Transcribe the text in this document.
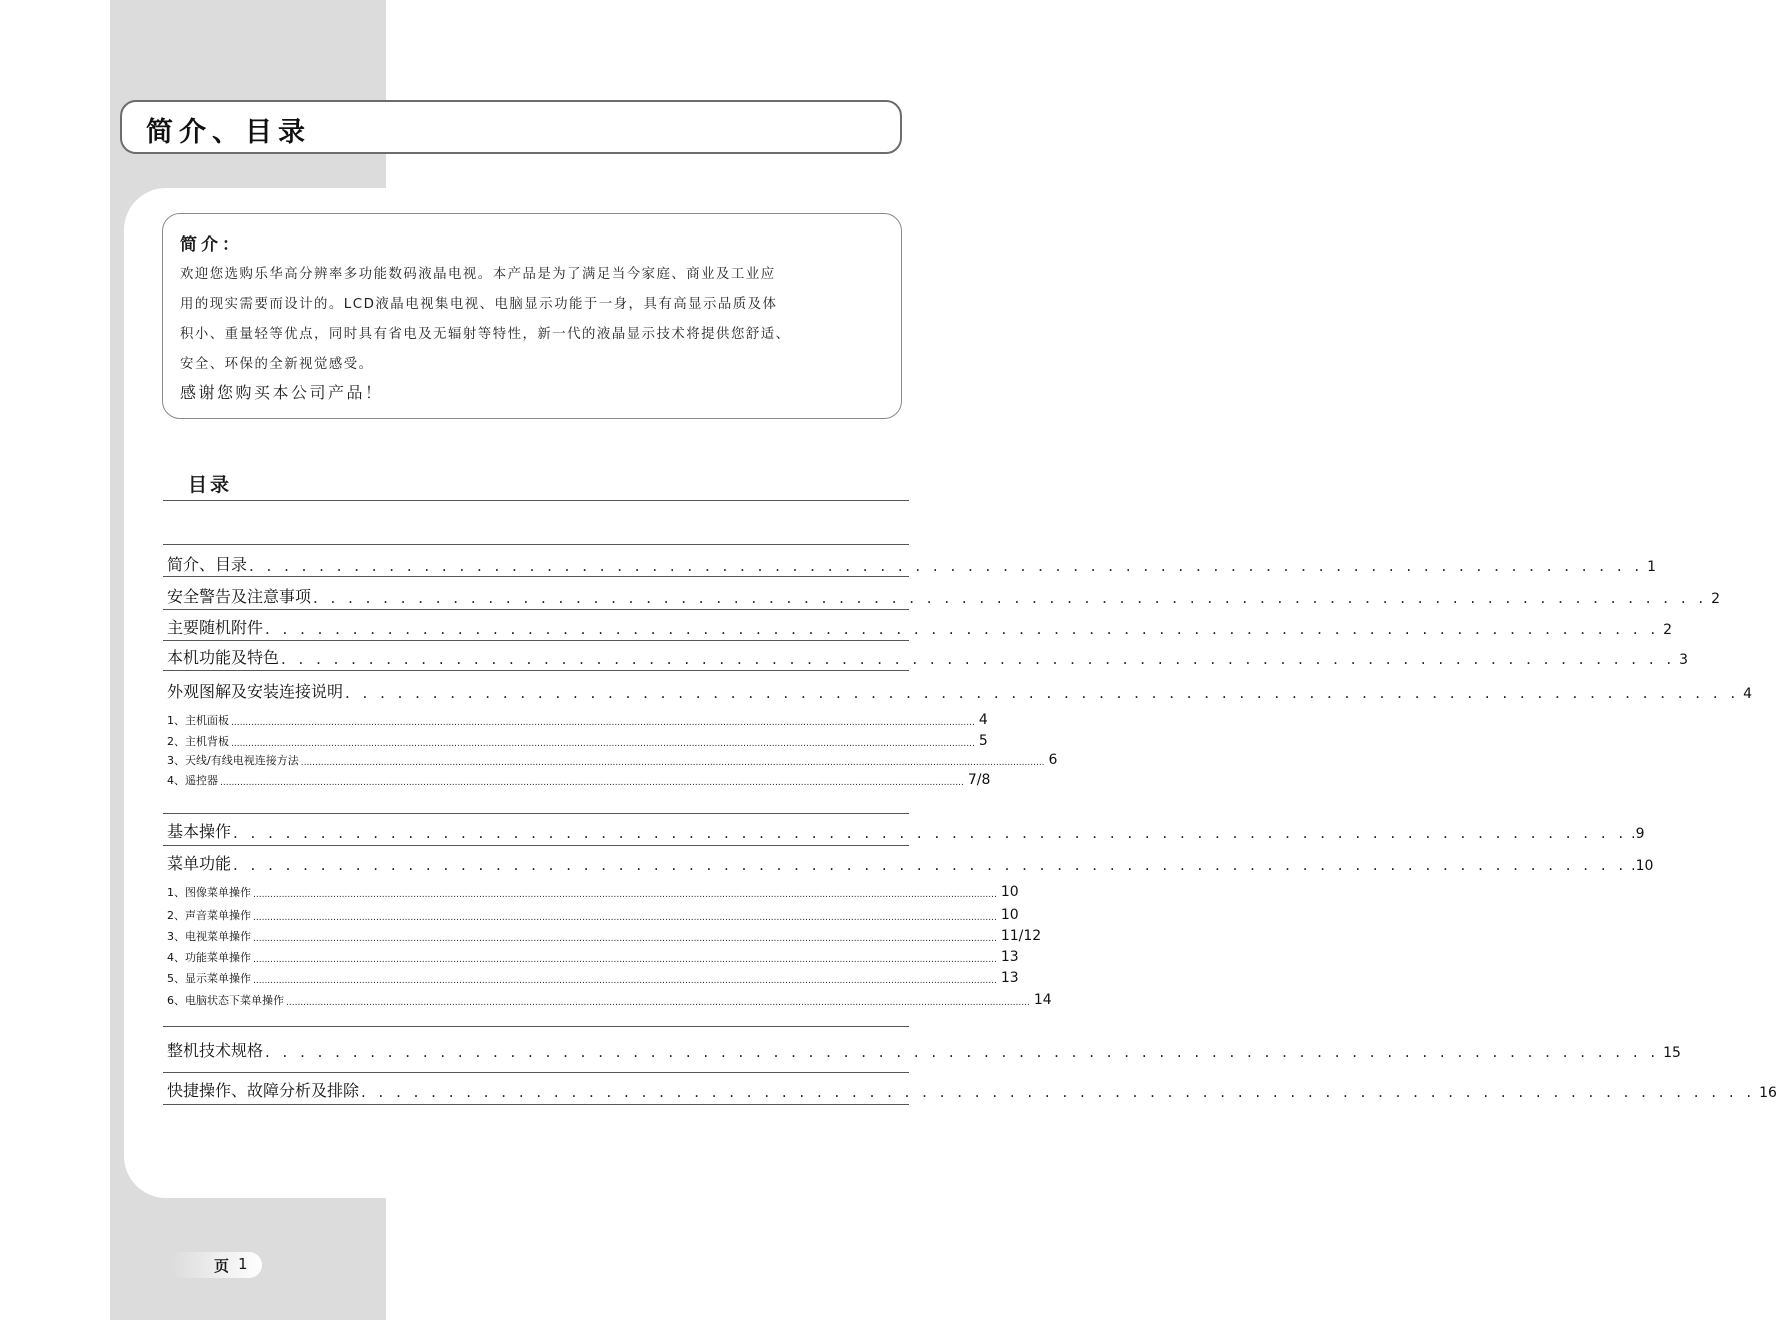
简介、目录
简介：

欢迎您选购乐华高分辨率多功能数码液晶电视。本产品是为了满足当今家庭、商业及工业应

用的现实需要而设计的。LCD液晶电视集电视、电脑显示功能于一身，具有高显示品质及体

积小、重量轻等优点，同时具有省电及无辐射等特性，新一代的液晶显示技术将提供您舒适、

安全、环保的全新视觉感受。

感谢您购买本公司产品！
目录
简介、目录 . . . . . . . . . . . . . . . . . . . . . . . . . . . . . . . . . . . . . . . . . . . . . . . . . . . . . . . . . . . . . . . . . . . . . . . . . . . . . . . . 1
安全警告及注意事项 . . . . . . . . . . . . . . . . . . . . . . . . . . . . . . . . . . . . . . . . . . . . . . . . . . . . . . . . . . . . . . . . . . . . . . . . . . . . . . . . 2
主要随机附件 . . . . . . . . . . . . . . . . . . . . . . . . . . . . . . . . . . . . . . . . . . . . . . . . . . . . . . . . . . . . . . . . . . . . . . . . . . . . . . . . 2
本机功能及特色 . . . . . . . . . . . . . . . . . . . . . . . . . . . . . . . . . . . . . . . . . . . . . . . . . . . . . . . . . . . . . . . . . . . . . . . . . . . . . . . . 3
外观图解及安装连接说明 . . . . . . . . . . . . . . . . . . . . . . . . . . . . . . . . . . . . . . . . . . . . . . . . . . . . . . . . . . . . . . . . . . . . . . . . . . . . . . . . 4
1、主机面板 .................................................................................................................................................................................................................................................................... 4
2、主机背板 .................................................................................................................................................................................................................................................................... 5
3、天线/有线电视连接方法 .................................................................................................................................................................................................................................................................... 6
4、遥控器 .................................................................................................................................................................................................................................................................... 7/8
基本操作 . . . . . . . . . . . . . . . . . . . . . . . . . . . . . . . . . . . . . . . . . . . . . . . . . . . . . . . . . . . . . . . . . . . . . . . . . . . . . . . . .9
菜单功能 . . . . . . . . . . . . . . . . . . . . . . . . . . . . . . . . . . . . . . . . . . . . . . . . . . . . . . . . . . . . . . . . . . . . . . . . . . . . . . . . .10
1、图像菜单操作 .................................................................................................................................................................................................................................................................... 10
2、声音菜单操作 .................................................................................................................................................................................................................................................................... 10
3、电视菜单操作 .................................................................................................................................................................................................................................................................... 11/12
4、功能菜单操作 .................................................................................................................................................................................................................................................................... 13
5、显示菜单操作 .................................................................................................................................................................................................................................................................... 13
6、电脑状态下菜单操作 .................................................................................................................................................................................................................................................................... 14
整机技术规格 . . . . . . . . . . . . . . . . . . . . . . . . . . . . . . . . . . . . . . . . . . . . . . . . . . . . . . . . . . . . . . . . . . . . . . . . . . . . . . . . 15
快捷操作、故障分析及排除 . . . . . . . . . . . . . . . . . . . . . . . . . . . . . . . . . . . . . . . . . . . . . . . . . . . . . . . . . . . . . . . . . . . . . . . . . . . . . . . . 16
页 1
